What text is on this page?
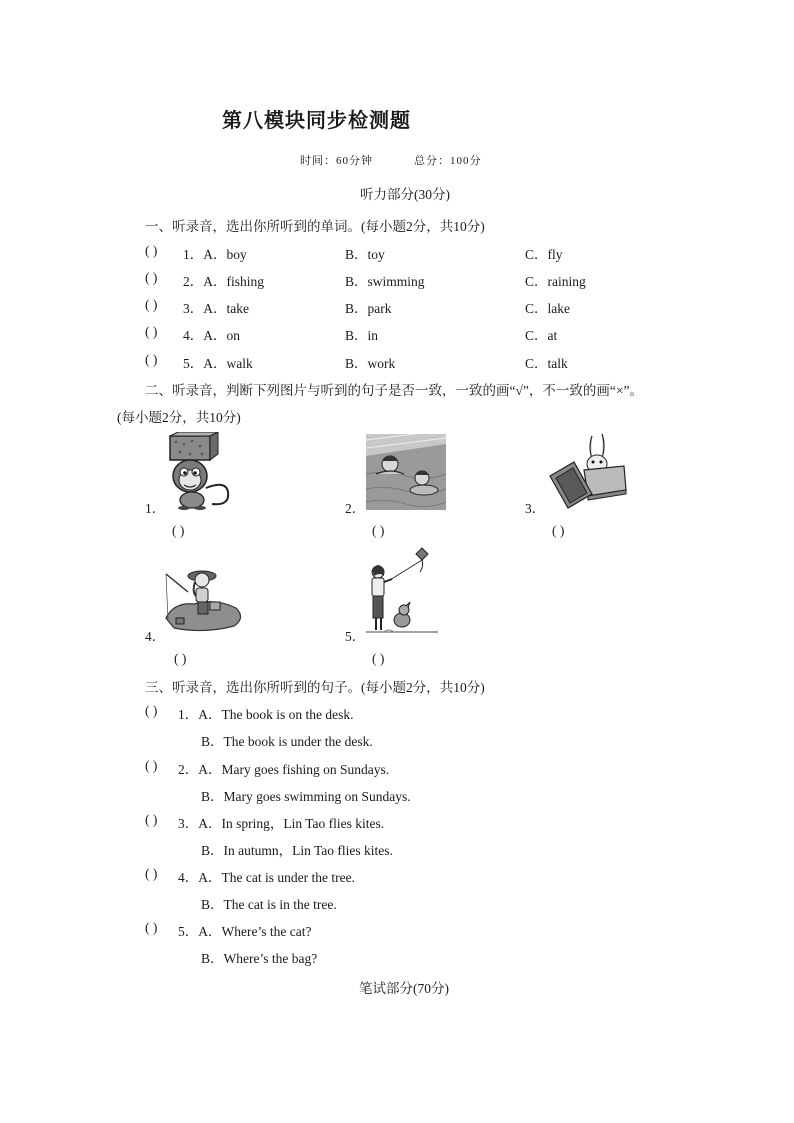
第八模块同步检测题
时间：60分钟	总分：100分
听力部分(30分)
一、听录音，选出你所听到的单词。(每小题2分，共10分)
( ) 1．A．boy	B．toy	C．fly
( ) 2．A．fishing	B．swimming	C．raining
( ) 3．A．take	B．park	C．lake
( ) 4．A．on	B．in	C．at
( ) 5．A．walk	B．work	C．talk
二、听录音，判断下列图片与听到的句子是否一致，一致的画“√”，不一致的画“×”。
(每小题2分，共10分)
1．
( )
2．
( )
3．
( )
4．
( )
5．
( )
三、听录音，选出你所听到的句子。(每小题2分，共10分)
( ) 1．A．The book is on the desk.
B．The book is under the desk.
( ) 2．A．Mary goes fishing on Sundays.
B．Mary goes swimming on Sundays.
( ) 3．A．In spring，Lin Tao flies kites.
B．In autumn，Lin Tao flies kites.
( ) 4．A．The cat is under the tree.
B．The cat is in the tree.
( ) 5．A．Where’s the cat?
B．Where’s the bag?
笔试部分(70分)
